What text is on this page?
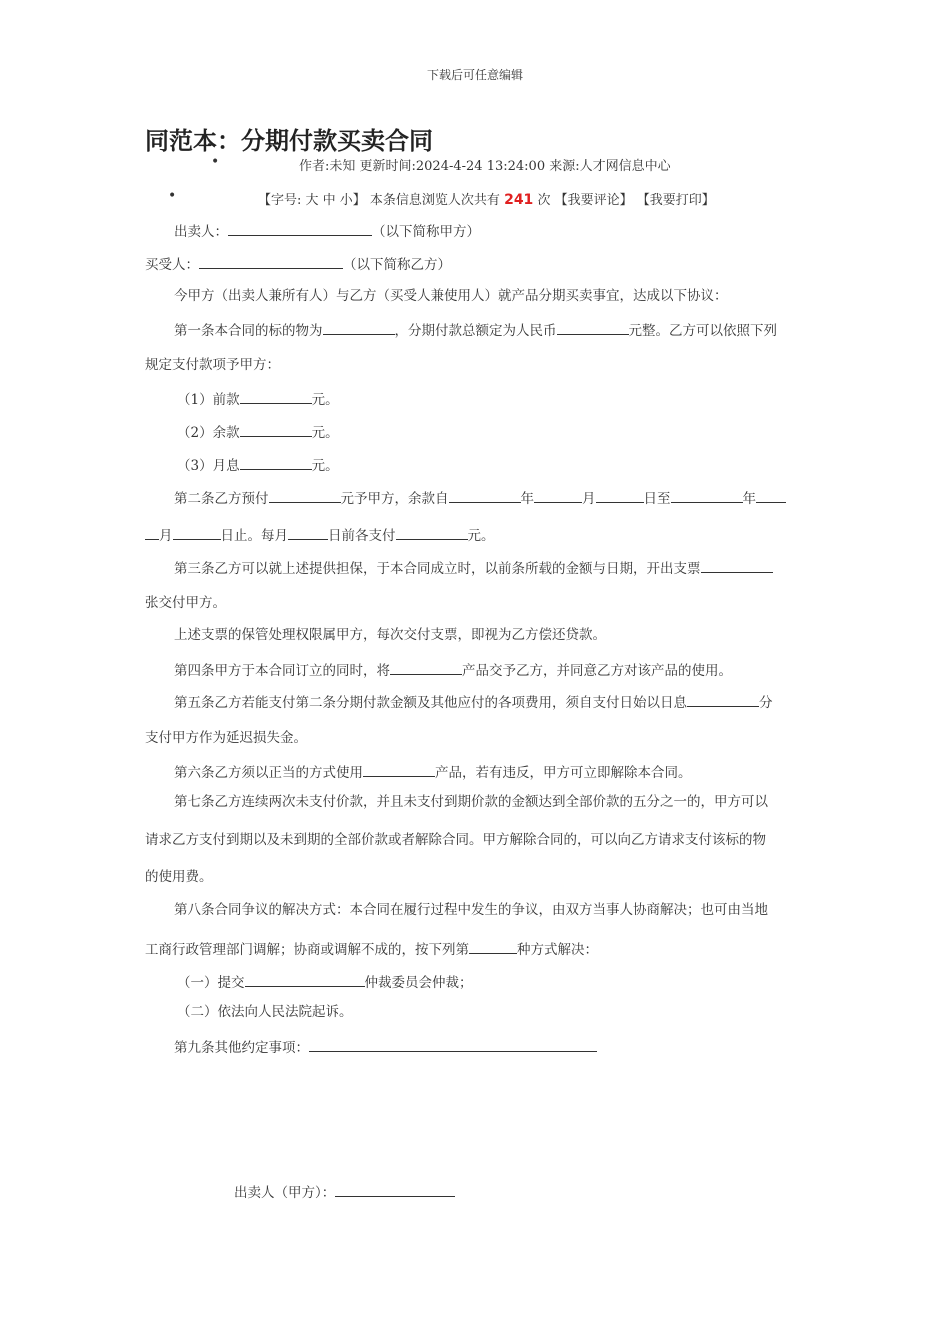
下载后可任意编辑
同范本：分期付款买卖合同
•	作者:未知 更新时间:2024-4-24 13:24:00 来源:人才网信息中心
•	【字号: 大 中 小】 本条信息浏览人次共有 241 次 【我要评论】 【我要打印】
出卖人：	（以下简称甲方）
买受人：	（以下简称乙方）
今甲方（出卖人兼所有人）与乙方（买受人兼使用人）就产品分期买卖事宜，达成以下协议：
第一条本合同的标的物为	，分期付款总额定为人民币	元整。乙方可以依照下列
规定支付款项予甲方：
（1）前款	元。
（2）余款	元。
（3）月息	元。
第二条乙方预付	元予甲方，余款自	年	月	日至	年
月	日止。每月	日前各支付	元。
第三条乙方可以就上述提供担保，于本合同成立时，以前条所载的金额与日期，开出支票
张交付甲方。
上述支票的保管处理权限属甲方，每次交付支票，即视为乙方偿还贷款。
第四条甲方于本合同订立的同时，将	产品交予乙方，并同意乙方对该产品的使用。
第五条乙方若能支付第二条分期付款金额及其他应付的各项费用，须自支付日始以日息	分
支付甲方作为延迟损失金。
第六条乙方须以正当的方式使用	产品，若有违反，甲方可立即解除本合同。
第七条乙方连续两次未支付价款，并且未支付到期价款的金额达到全部价款的五分之一的，甲方可以
请求乙方支付到期以及未到期的全部价款或者解除合同。甲方解除合同的，可以向乙方请求支付该标的物
的使用费。
第八条合同争议的解决方式：本合同在履行过程中发生的争议，由双方当事人协商解决；也可由当地
工商行政管理部门调解；协商或调解不成的，按下列第	种方式解决：
（一）提交	仲裁委员会仲裁；
（二）依法向人民法院起诉。
第九条其他约定事项：
出卖人（甲方）：
